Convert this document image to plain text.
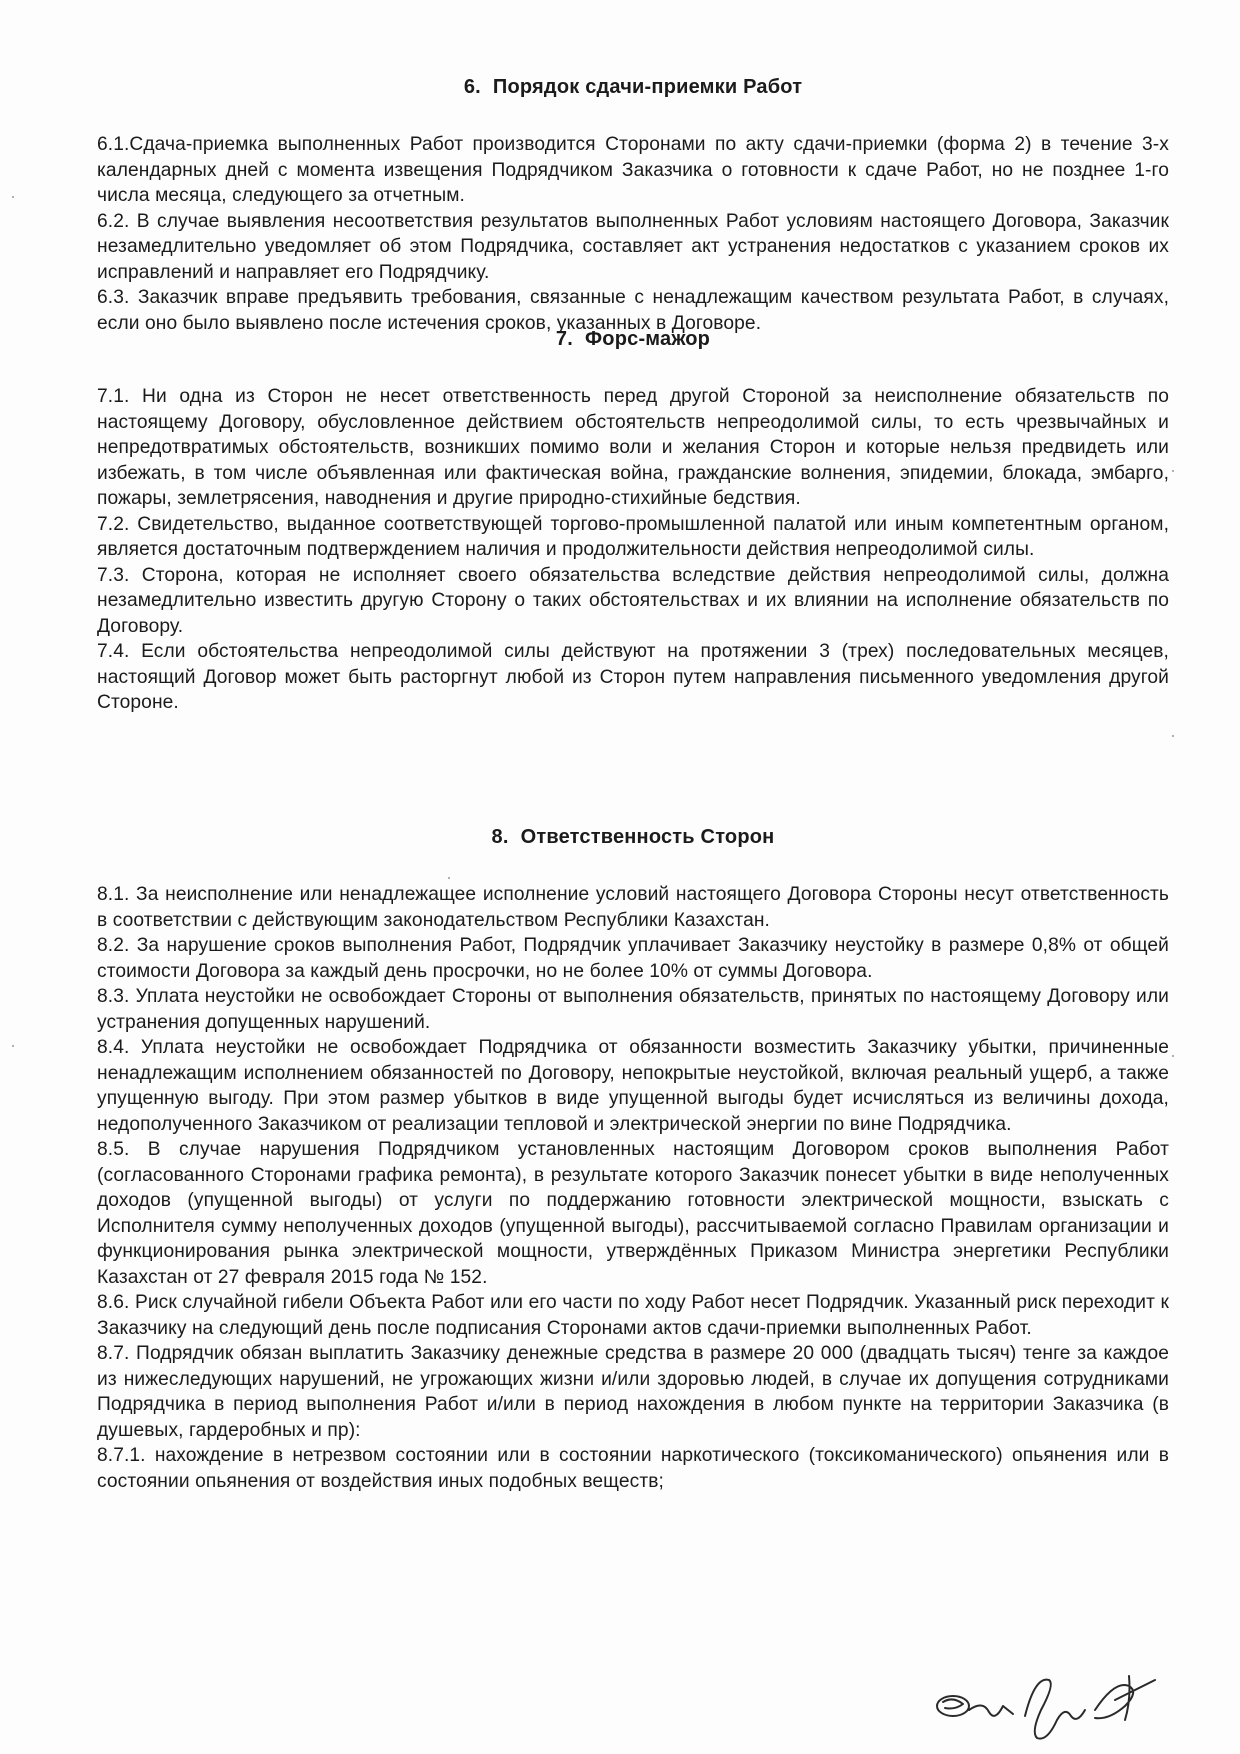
6. Порядок сдачи-приемки Работ

6.1.Сдача-приемка выполненных Работ производится Сторонами по акту сдачи-приемки (форма 2) в течение 3-х календарных дней с момента извещения Подрядчиком Заказчика о готовности к сдаче Работ, но не позднее 1-го числа месяца, следующего за отчетным.

6.2. В случае выявления несоответствия результатов выполненных Работ условиям настоящего Договора, Заказчик незамедлительно уведомляет об этом Подрядчика, составляет акт устранения недостатков с указанием сроков их исправлений и направляет его Подрядчику.

6.3. Заказчик вправе предъявить требования, связанные с ненадлежащим качеством результата Работ, в случаях, если оно было выявлено после истечения сроков, указанных в Договоре.

7. Форс-мажор

7.1. Ни одна из Сторон не несет ответственность перед другой Стороной за неисполнение обязательств по настоящему Договору, обусловленное действием обстоятельств непреодолимой силы, то есть чрезвычайных и непредотвратимых обстоятельств, возникших помимо воли и желания Сторон и которые нельзя предвидеть или избежать, в том числе объявленная или фактическая война, гражданские волнения, эпидемии, блокада, эмбарго, пожары, землетрясения, наводнения и другие природно-стихийные бедствия.

7.2. Свидетельство, выданное соответствующей торгово-промышленной палатой или иным компетентным органом, является достаточным подтверждением наличия и продолжительности действия непреодолимой силы.

7.3. Сторона, которая не исполняет своего обязательства вследствие действия непреодолимой силы, должна незамедлительно известить другую Сторону о таких обстоятельствах и их влиянии на исполнение обязательств по Договору.

7.4. Если обстоятельства непреодолимой силы действуют на протяжении 3 (трех) последовательных месяцев, настоящий Договор может быть расторгнут любой из Сторон путем направления письменного уведомления другой Стороне.

8. Ответственность Сторон

8.1. За неисполнение или ненадлежащее исполнение условий настоящего Договора Стороны несут ответственность в соответствии с действующим законодательством Республики Казахстан.

8.2. За нарушение сроков выполнения Работ, Подрядчик уплачивает Заказчику неустойку в размере 0,8% от общей стоимости Договора за каждый день просрочки, но не более 10% от суммы Договора.

8.3. Уплата неустойки не освобождает Стороны от выполнения обязательств, принятых по настоящему Договору или устранения допущенных нарушений.

8.4. Уплата неустойки не освобождает Подрядчика от обязанности возместить Заказчику убытки, причиненные ненадлежащим исполнением обязанностей по Договору, непокрытые неустойкой, включая реальный ущерб, а также упущенную выгоду. При этом размер убытков в виде упущенной выгоды будет исчисляться из величины дохода, недополученного Заказчиком от реализации тепловой и электрической энергии по вине Подрядчика.

8.5. В случае нарушения Подрядчиком установленных настоящим Договором сроков выполнения Работ (согласованного Сторонами графика ремонта), в результате которого Заказчик понесет убытки в виде неполученных доходов (упущенной выгоды) от услуги по поддержанию готовности электрической мощности, взыскать с Исполнителя сумму неполученных доходов (упущенной выгоды), рассчитываемой согласно Правилам организации и функционирования рынка электрической мощности, утверждённых Приказом Министра энергетики Республики Казахстан от 27 февраля 2015 года № 152.

8.6. Риск случайной гибели Объекта Работ или его части по ходу Работ несет Подрядчик. Указанный риск переходит к Заказчику на следующий день после подписания Сторонами актов сдачи-приемки выполненных Работ.

8.7. Подрядчик обязан выплатить Заказчику денежные средства в размере 20 000 (двадцать тысяч) тенге за каждое из нижеследующих нарушений, не угрожающих жизни и/или здоровью людей, в случае их допущения сотрудниками Подрядчика в период выполнения Работ и/или в период нахождения в любом пункте на территории Заказчика (в душевых, гардеробных и пр):

8.7.1. нахождение в нетрезвом состоянии или в состоянии наркотического (токсикоманического) опьянения или в состоянии опьянения от воздействия иных подобных веществ;
